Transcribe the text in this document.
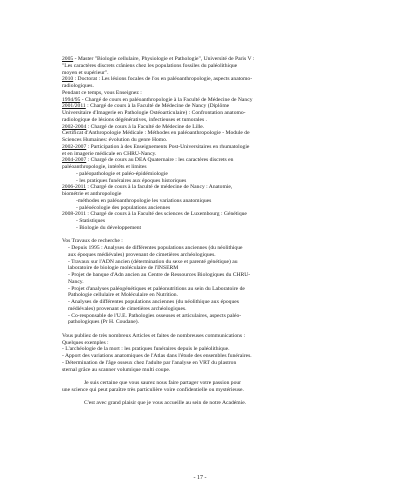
2005 - Master "Biologie cellulaire, Physiologie et Pathologie", Université de Paris V :
"Les caractères discrets crâniens chez les populations fossiles du paléolithique
moyen et supérieur".
2010 : Doctorat : Les lésions focales de l'os en paléoanthropologie, aspects anatomo-
radiologiques.
Pendant ce temps, vous Enseignez :
1994/95 - Chargé de cours en paléoanthropologie à la Faculté de Médecine de Nancy
2001/2011 : Chargé de cours à la Faculté de Médecine de Nancy (Diplôme
Universitaire d'Imagerie en Pathologie Ostéoarticulaire) : Confrontation anatomo-
radiologique de lésions dégénératives, infectieuses et tumorales .
2002-2004 : Chargé de cours à la Faculté de Médecine de Lille.
Certificat d'Anthropologie Médicale : Méthodes en paléoanthropologie - Module de
Sciences Humaines: évolution du genre Homo.
2002-2007 : Participation à des Enseignements Post-Universitaires en rhumatologie
et en imagerie médicale en CHRU-Nancy.
2004-2007 : Chargé de cours au DEA Quaternaire : les caractères discrets en
paléoanthropologie, intérêts et limites
- paléopathologie et paléo-épidémiologie
- les pratiques funéraires aux époques historiques
2006-2011 : Chargé de cours à la faculté de médecine de Nancy : Anatomie,
biométrie et anthropologie
-méthodes en paléoanthropologie les variations anatomiques
- paléoécologie des populations anciennes
2008-2011 : Chargé de cours à la Faculté des sciences de Luxembourg : Génétique
- Statistiques
- Biologie du développement
Vos Travaux de recherche :
- Depuis 1995 : Analyses de différentes populations anciennes (du néolithique
aux époques médiévales) provenant de cimetières archéologiques.
- Travaux sur l'ADN ancien (détermination du sexe et parenté génétique) au
laboratoire de biologie moléculaire de l'INSERM
- Projet de banque d'Adn ancien au Centre de Ressources Biologiques du CHRU-
Nancy.
- Projet d'analyses paléogénétiques et paléonutritions au sein du Laboratoire de
Pathologie cellulaire et Moléculaire en Nutrition.
- Analyses de différentes populations anciennes (du néolithique aux époques
médiévales) provenant de cimetières archéologiques.
- Co-responsable de l'U.E. Pathologies osseuses et articulaires, aspects paléo-
pathologiques (Pr H. Coudane).
Vous publiez de très nombreux Articles et faites de nombreuses communications :
Quelques exemples :
- L'archéologie de la mort : les pratiques funéraires depuis le paléolithique.
- Apport des variations anatomiques de l'Atlas dans l'étude des ensembles funéraires.
- Détermination de l'âge osseux chez l'adulte par l'analyse en VRT du plastron
sternal grâce au scanner volumique multi coupe.
Je suis certaine que vous saurez nous faire partager votre passion pour
une science qui peut paraître très particulière voire confidentielle ou mystérieuse.
C'est avec grand plaisir que je vous accueille au sein de notre Académie.
- 17 -
